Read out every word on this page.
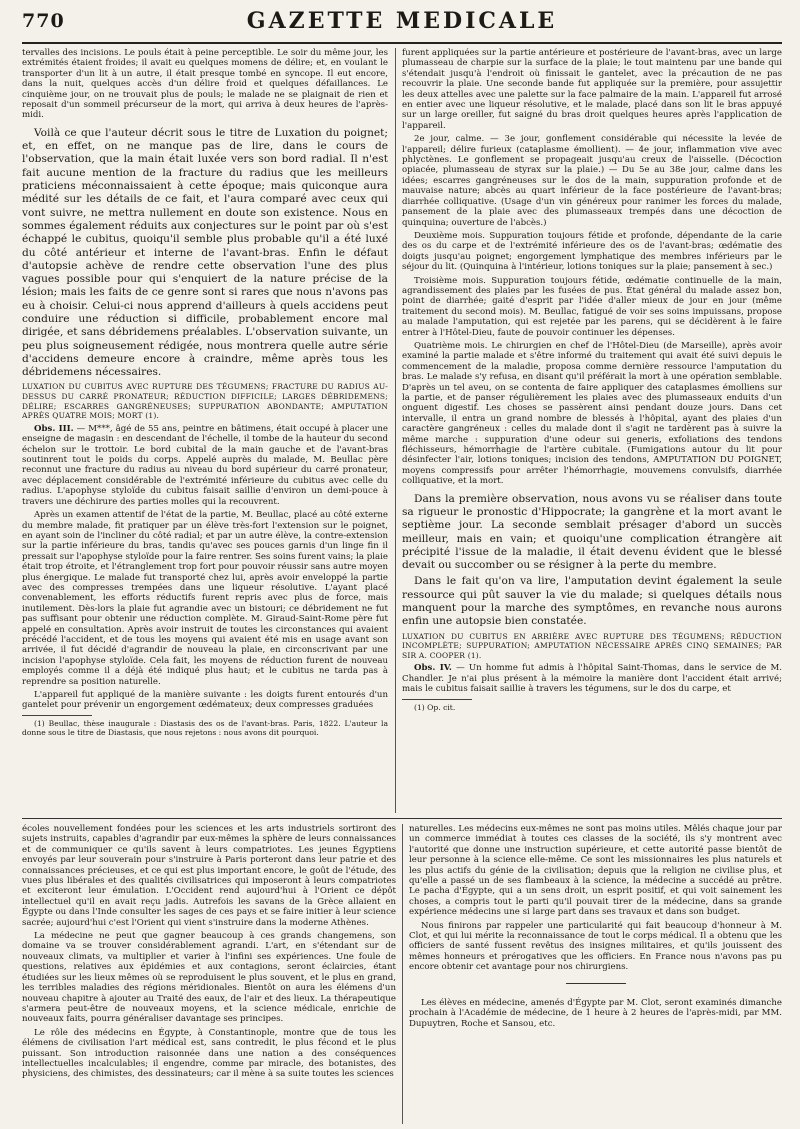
770	GAZETTE MEDICALE

tervalles des incisions. Le pouls était à peine perceptible. Le soir du même jour, les extrémités étaient froides; il avait eu quelques momens de délire; et, en voulant le transporter d'un lit à un autre, il était presque tombé en syncope. Il eut encore, dans la nuit, quelques accès d'un délire froid et quelques défaillances. Le cinquième jour, on ne trouvait plus de pouls; le malade ne se plaignait de rien et reposait d'un sommeil précurseur de la mort, qui arriva à deux heures de l'après-midi.

Voilà ce que l'auteur décrit sous le titre de Luxation du poignet; et, en effet, on ne manque pas de lire, dans le cours de l'observation, que la main était luxée vers son bord radial. Il n'est fait aucune mention de la fracture du radius que les meilleurs praticiens méconnaissaient à cette époque; mais quiconque aura médité sur les détails de ce fait, et l'aura comparé avec ceux qui vont suivre, ne mettra nullement en doute son existence. Nous en sommes également réduits aux conjectures sur le point par où s'est échappé le cubitus, quoiqu'il semble plus probable qu'il a été luxé du côté antérieur et interne de l'avant-bras. Enfin le défaut d'autopsie achève de rendre cette observation l'une des plus vagues possible pour qui s'enquiert de la nature précise de la lésion; mais les faits de ce genre sont si rares que nous n'avons pas eu à choisir. Celui-ci nous apprend d'ailleurs à quels accidens peut conduire une réduction si difficile, probablement encore mal dirigée, et sans débridemens préalables. L'observation suivante, un peu plus soigneusement rédigée, nous montrera quelle autre série d'accidens demeure encore à craindre, même après tous les débridemens nécessaires.

LUXATION DU CUBITUS AVEC RUPTURE DES TÉGUMENS; FRACTURE DU RADIUS AU-DESSUS DU CARRÉ PRONATEUR; RÉDUCTION DIFFICILE; LARGES DÉBRIDEMENS; DÉLIRE; ESCARRES GANGRÉNEUSES; SUPPURATION ABONDANTE; AMPUTATION APRÈS QUATRE MOIS; MORT (1).

Obs. III. — M***, âgé de 55 ans, peintre en bâtimens, était occupé à placer une enseigne de magasin : en descendant de l'échelle, il tombe de la hauteur du second échelon sur le trottoir. Le bord cubital de la main gauche et de l'avant-bras soutinrent tout le poids du corps. Appelé auprès du malade, M. Beullac père reconnut une fracture du radius au niveau du bord supérieur du carré pronateur, avec déplacement considérable de l'extrémité inférieure du cubitus avec celle du radius. L'apophyse styloïde du cubitus faisait saillie d'environ un demi-pouce à travers une déchirure des parties molles qui la recouvrent.

Après un examen attentif de l'état de la partie, M. Beullac, placé au côté externe du membre malade, fit pratiquer par un élève très-fort l'extension sur le poignet, en ayant soin de l'incliner du côté radial; et par un autre élève, la contre-extension sur la partie inférieure du bras, tandis qu'avec ses pouces garnis d'un linge fin il pressait sur l'apophyse styloïde pour la faire rentrer. Ses soins furent vains; la plaie était trop étroite, et l'étranglement trop fort pour pouvoir réussir sans autre moyen plus énergique. Le malade fut transporté chez lui, après avoir enveloppé la partie avec des compresses trempées dans une liqueur résolutive. L'ayant placé convenablement, les efforts réductifs furent repris avec plus de force, mais inutilement. Dès-lors la plaie fut agrandie avec un bistouri; ce débridement ne fut pas suffisant pour obtenir une réduction complète. M. Giraud-Saint-Rome père fut appelé en consultation. Après avoir instruit de toutes les circonstances qui avaient précédé l'accident, et de tous les moyens qui avaient été mis en usage avant son arrivée, il fut décidé d'agrandir de nouveau la plaie, en circonscrivant par une incision l'apophyse styloïde. Cela fait, les moyens de réduction furent de nouveau employés comme il a déjà été indiqué plus haut; et le cubitus ne tarda pas à reprendre sa position naturelle.

L'appareil fut appliqué de la manière suivante : les doigts furent entourés d'un gantelet pour prévenir un engorgement œdémateux; deux compresses graduées

(1) Beullac, thèse inaugurale : Diastasis des os de l'avant-bras. Paris, 1822. L'auteur la donne sous le titre de Diastasis, que nous rejetons : nous avons dit pourquoi.

furent appliquées sur la partie antérieure et postérieure de l'avant-bras, avec un large plumasseau de charpie sur la surface de la plaie; le tout maintenu par une bande qui s'étendait jusqu'à l'endroit où finissait le gantelet, avec la précaution de ne pas recouvrir la plaie. Une seconde bande fut appliquée sur la première, pour assujettir les deux attelles avec une palette sur la face palmaire de la main. L'appareil fut arrosé en entier avec une liqueur résolutive, et le malade, placé dans son lit le bras appuyé sur un large oreiller, fut saigné du bras droit quelques heures après l'application de l'appareil.

2e jour, calme. — 3e jour, gonflement considérable qui nécessite la levée de l'appareil; délire furieux (cataplasme émollient). — 4e jour, inflammation vive avec phlyctènes. Le gonflement se propageait jusqu'au creux de l'aisselle. (Décoction opiacée, plumasseau de styrax sur la plaie.) — Du 5e au 38e jour, calme dans les idées; escarres gangréneuses sur le dos de la main, suppuration profonde et de mauvaise nature; abcès au quart inférieur de la face postérieure de l'avant-bras; diarrhée colliquative. (Usage d'un vin généreux pour ranimer les forces du malade, pansement de la plaie avec des plumasseaux trempés dans une décoction de quinquina; ouverture de l'abcès.)

Deuxième mois. Suppuration toujours fétide et profonde, dépendante de la carie des os du carpe et de l'extrémité inférieure des os de l'avant-bras; œdématie des doigts jusqu'au poignet; engorgement lymphatique des membres inférieurs par le séjour du lit. (Quinquina à l'intérieur, lotions toniques sur la plaie; pansement à sec.)

Troisième mois. Suppuration toujours fétide, œdématie continuelle de la main, agrandissement des plaies par les fusées de pus. État général du malade assez bon, point de diarrhée; gaité d'esprit par l'idée d'aller mieux de jour en jour (même traitement du second mois). M. Beullac, fatigué de voir ses soins impuissans, propose au malade l'amputation, qui est rejetée par les parens, qui se décidèrent à le faire entrer à l'Hôtel-Dieu, faute de pouvoir continuer les dépenses.

Quatrième mois. Le chirurgien en chef de l'Hôtel-Dieu (de Marseille), après avoir examiné la partie malade et s'être informé du traitement qui avait été suivi depuis le commencement de la maladie, proposa comme dernière ressource l'amputation du bras. Le malade s'y refusa, en disant qu'il préférait la mort à une opération semblable. D'après un tel aveu, on se contenta de faire appliquer des cataplasmes émolliens sur la partie, et de panser régulièrement les plaies avec des plumasseaux enduits d'un onguent digestif. Les choses se passèrent ainsi pendant douze jours. Dans cet intervalle, il entra un grand nombre de blessés à l'hôpital, ayant des plaies d'un caractère gangréneux : celles du malade dont il s'agit ne tardèrent pas à suivre la même marche : suppuration d'une odeur sui generis, exfoliations des tendons fléchisseurs, hémorrhagie de l'artère cubitale. (Fumigations autour du lit pour désinfecter l'air, lotions toniques; incision des tendons, AMPUTATION DU POIGNET, moyens compressifs pour arrêter l'hémorrhagie, mouvemens convulsifs, diarrhée colliquative, et la mort.

Dans la première observation, nous avons vu se réaliser dans toute sa rigueur le pronostic d'Hippocrate; la gangrène et la mort avant le septième jour. La seconde semblait présager d'abord un succès meilleur, mais en vain; et quoiqu'une complication étrangère ait précipité l'issue de la maladie, il était devenu évident que le blessé devait ou succomber ou se résigner à la perte du membre.

Dans le fait qu'on va lire, l'amputation devint également la seule ressource qui pût sauver la vie du malade; si quelques détails nous manquent pour la marche des symptômes, en revanche nous aurons enfin une autopsie bien constatée.

LUXATION DU CUBITUS EN ARRIÈRE AVEC RUPTURE DES TÉGUMENS; RÉDUCTION INCOMPLÈTE; SUPPURATION; AMPUTATION NÉCESSAIRE APRÈS CINQ SEMAINES; PAR SIR A. COOPER (1).

Obs. IV. — Un homme fut admis à l'hôpital Saint-Thomas, dans le service de M. Chandler. Je n'ai plus présent à la mémoire la manière dont l'accident était arrivé; mais le cubitus faisait saillie à travers les tégumens, sur le dos du carpe, et

(1) Op. cit.

écoles nouvellement fondées pour les sciences et les arts industriels sortiront des sujets instruits, capables d'agrandir par eux-mêmes la sphère de leurs connaissances et de communiquer ce qu'ils savent à leurs compatriotes. Les jeunes Égyptiens envoyés par leur souverain pour s'instruire à Paris porteront dans leur patrie et des connaissances précieuses, et ce qui est plus important encore, le goût de l'étude, des vues plus libérales et des qualités civilisatrices qui imposeront à leurs compatriotes et exciteront leur émulation. L'Occident rend aujourd'hui à l'Orient ce dépôt intellectuel qu'il en avait reçu jadis. Autrefois les savans de la Grèce allaient en Égypte ou dans l'Inde consulter les sages de ces pays et se faire initier à leur science sacrée; aujourd'hui c'est l'Orient qui vient s'instruire dans la moderne Athènes.

La médecine ne peut que gagner beaucoup à ces grands changemens, son domaine va se trouver considérablement agrandi. L'art, en s'étendant sur de nouveaux climats, va multiplier et varier à l'infini ses expériences. Une foule de questions, relatives aux épidémies et aux contagions, seront éclaircies, étant étudiées sur les lieux mêmes où se reproduisent le plus souvent, et le plus en grand, les terribles maladies des régions méridionales. Bientôt on aura les élémens d'un nouveau chapitre à ajouter au Traité des eaux, de l'air et des lieux. La thérapeutique s'armera peut-être de nouveaux moyens, et la science médicale, enrichie de nouveaux faits, pourra généraliser davantage ses principes.

Le rôle des médecins en Égypte, à Constantinople, montre que de tous les élémens de civilisation l'art médical est, sans contredit, le plus fécond et le plus puissant. Son introduction raisonnée dans une nation a des conséquences intellectuelles incalculables; il engendre, comme par miracle, des botanistes, des physiciens, des chimistes, des dessinateurs; car il mène à sa suite toutes les sciences

naturelles. Les médecins eux-mêmes ne sont pas moins utiles. Mêlés chaque jour par un commerce immédiat à toutes ces classes de la société, ils s'y montrent avec l'autorité que donne une instruction supérieure, et cette autorité passe bientôt de leur personne à la science elle-même. Ce sont les missionnaires les plus naturels et les plus actifs du génie de la civilisation; depuis que la religion ne civilise plus, et qu'elle a passé un de ses flambeaux à la science, la médecine a succédé au prêtre. Le pacha d'Égypte, qui a un sens droit, un esprit positif, et qui voit sainement les choses, a compris tout le parti qu'il pouvait tirer de la médecine, dans sa grande expérience médecins une si large part dans ses travaux et dans son budget.

Nous finirons par rappeler une particularité qui fait beaucoup d'honneur à M. Clot, et qui lui mérite la reconnaissance de tout le corps médical. Il a obtenu que les officiers de santé fussent revêtus des insignes militaires, et qu'ils jouissent des mêmes honneurs et prérogatives que les officiers. En France nous n'avons pas pu encore obtenir cet avantage pour nos chirurgiens.

Les élèves en médecine, amenés d'Égypte par M. Clot, seront examinés dimanche prochain à l'Académie de médecine, de 1 heure à 2 heures de l'après-midi, par MM. Dupuytren, Roche et Sansou, etc.
